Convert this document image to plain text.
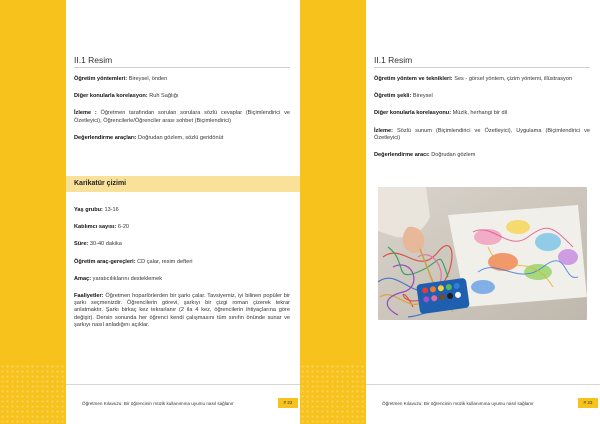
II.1 Resim

Öğretim yöntemleri: Bireysel, önden

Diğer konularla korelasyon: Ruh Sağlığı

İzleme : Öğretmen tarafından sorulan sorulara sözlü cevaplar (Biçimlendirici ve Özetleyici), Öğrencilerle/Öğrenciler arası sohbet (Biçimlendirici)

Değerlendirme araçları: Doğrudan gözlem, sözlü geridönüt

Karikatür çizimi

Yaş grubu: 13-16

Katılımcı sayısı: 6-20

Süre: 30-40 dakika

Öğretim araç-gereçleri: CD çalar, resim defteri

Amaç: yaratıcılıklarını desteklemek

Faaliyetler: Öğretmen hoparlörlerden bir şarkı çalar. Tavsiyemiz, iyi bilinen popüler bir şarkı seçmenizdir. Öğrencilerin görevi, şarkıyı bir çizgi roman çizerek tekrar anlatmaktır. Şarkı birkaç kez tekrarlanır (2 ila 4 kez, öğrencilerin ihtiyaçlarına göre değişir). Dersin sonunda her öğrenci kendi çalışmasını tüm sınıfın önünde sunar ve şarkıyı nasıl anladığını açıklar.

Öğretmen Kılavuzu: Bir öğrencinin müzik kullanımına uyumu nasıl sağlanır	# 22
II.1 Resim

Öğretim yöntem ve teknikleri: Ses - görsel yöntem, çizim yöntemi, illüstrasyon

Öğretim şekli: Bireysel

Diğer konularla korelasyonu: Müzik, herhangi bir dil

İzleme: Sözlü sunum (Biçimlendirici ve Özetleyici), Uygulama (Biçimlendirici ve Özetleyici)

Değerlendirme aracı: Doğrudan gözlem

Öğretmen Kılavuzu: Bir öğrencinin müzik kullanımına uyumu nasıl sağlanır	# 23
